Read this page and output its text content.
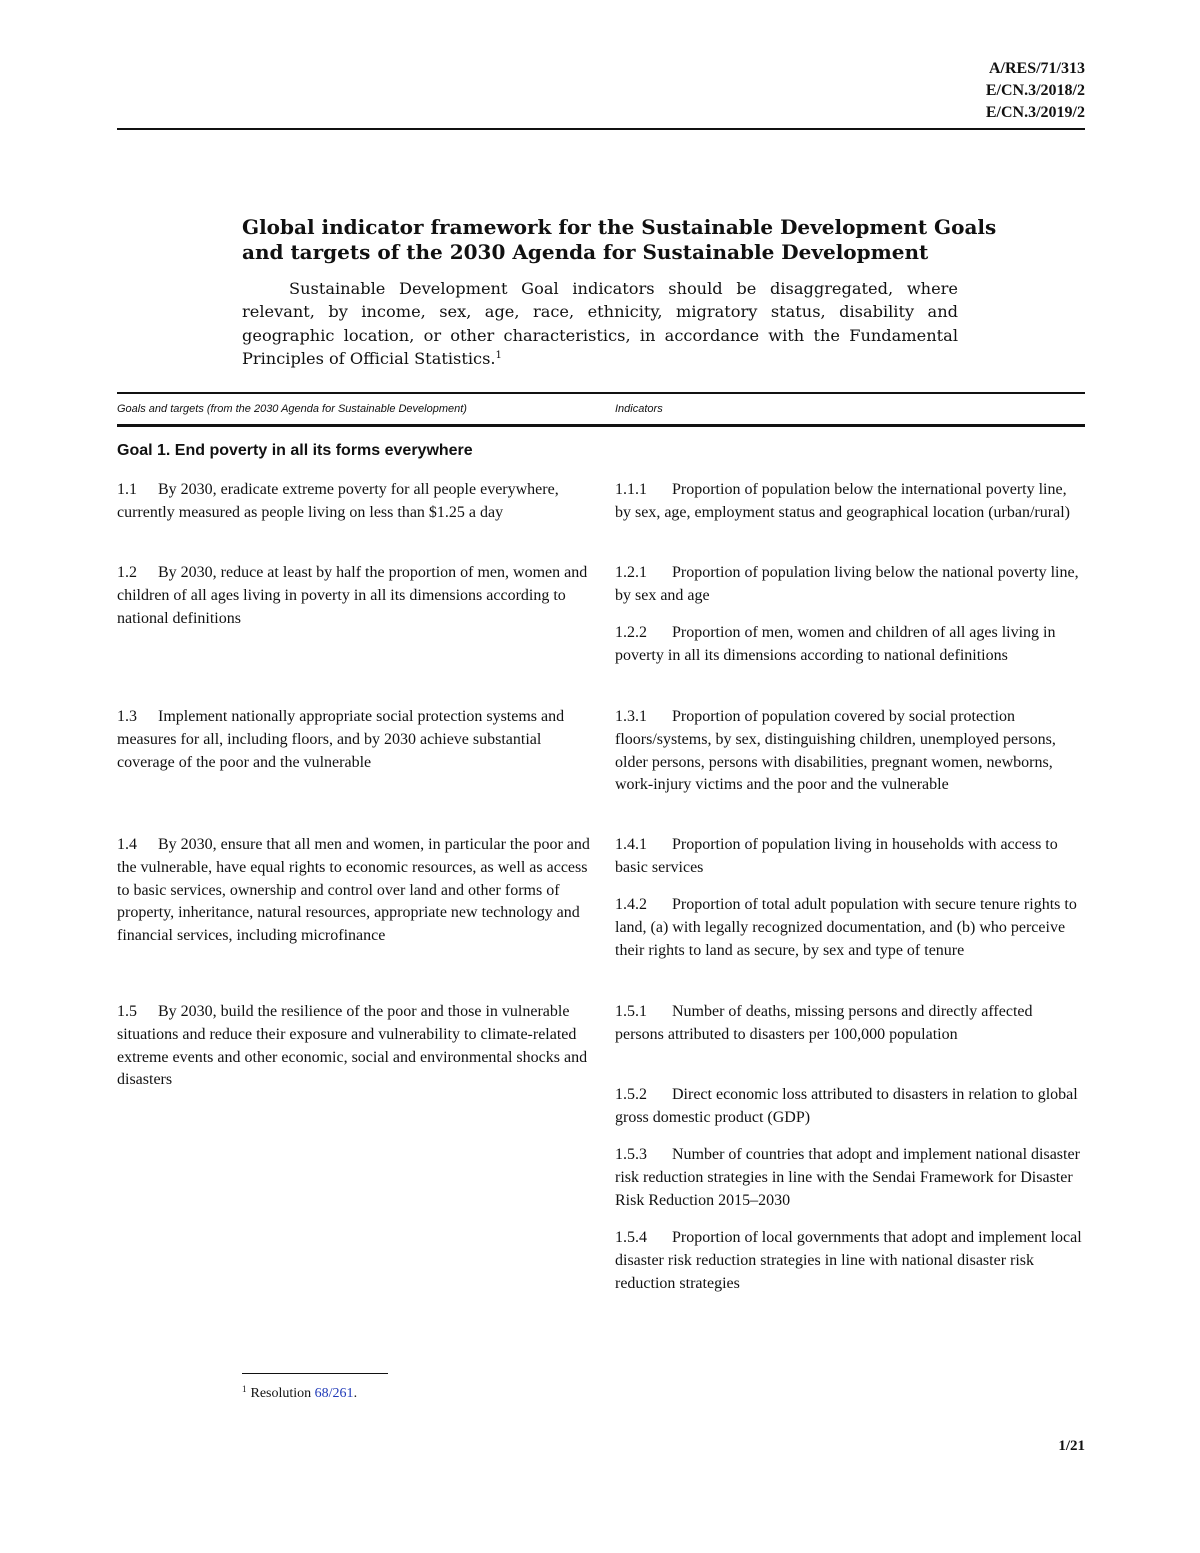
A/RES/71/313
E/CN.3/2018/2
E/CN.3/2019/2
Global indicator framework for the Sustainable Development Goals
and targets of the 2030 Agenda for Sustainable Development

Sustainable Development Goal indicators should be disaggregated, where relevant, by income, sex, age, race, ethnicity, migratory status, disability and geographic location, or other characteristics, in accordance with the Fundamental Principles of Official Statistics.$^1$

Goals and targets (from the 2030 Agenda for Sustainable Development)	Indicators
Goal 1. End poverty in all its forms everywhere
1.1 By 2030, eradicate extreme poverty for all people everywhere, currently measured as people living on less than $1.25 a day
1.2 By 2030, reduce at least by half the proportion of men, women and children of all ages living in poverty in all its dimensions according to national definitions
1.3 Implement nationally appropriate social protection systems and measures for all, including floors, and by 2030 achieve substantial coverage of the poor and the vulnerable
1.4 By 2030, ensure that all men and women, in particular the poor and the vulnerable, have equal rights to economic resources, as well as access to basic services, ownership and control over land and other forms of property, inheritance, natural resources, appropriate new technology and financial services, including microfinance
1.5 By 2030, build the resilience of the poor and those in vulnerable situations and reduce their exposure and vulnerability to climate-related extreme events and other economic, social and environmental shocks and disasters
1.1.1 Proportion of population below the international poverty line, by sex, age, employment status and geographical location (urban/rural)
1.2.1 Proportion of population living below the national poverty line, by sex and age
1.2.2 Proportion of men, women and children of all ages living in poverty in all its dimensions according to national definitions
1.3.1 Proportion of population covered by social protection floors/systems, by sex, distinguishing children, unemployed persons, older persons, persons with disabilities, pregnant women, newborns, work-injury victims and the poor and the vulnerable
1.4.1 Proportion of population living in households with access to basic services
1.4.2 Proportion of total adult population with secure tenure rights to land, (a) with legally recognized documentation, and (b) who perceive their rights to land as secure, by sex and type of tenure
1.5.1 Number of deaths, missing persons and directly affected persons attributed to disasters per 100,000 population
1.5.2 Direct economic loss attributed to disasters in relation to global gross domestic product (GDP)
1.5.3 Number of countries that adopt and implement national disaster risk reduction strategies in line with the Sendai Framework for Disaster Risk Reduction 2015–2030
1.5.4 Proportion of local governments that adopt and implement local disaster risk reduction strategies in line with national disaster risk reduction strategies
$^1$ Resolution 68/261.
1/21
